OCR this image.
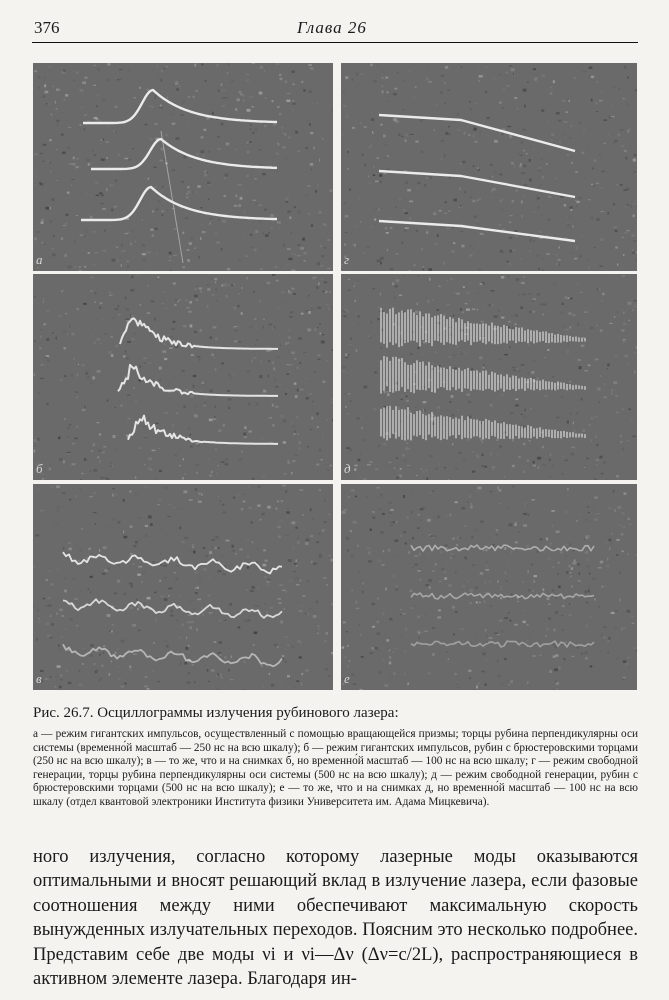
376	Глава 26
а	г
б	д
в	е
Рис. 26.7. Осциллограммы излучения рубинового лазера:

а — режим гигантских импульсов, осуществленный с помощью вращающейся призмы; торцы рубина перпендикулярны оси системы (временно́й масштаб — 250 нс на всю шкалу); б — режим гигантских импульсов, рубин с брюстеровскими торцами (250 нс на всю шкалу); в — то же, что и на снимках б, но временно́й масштаб — 100 нс на всю шкалу; г — режим свободной генерации, торцы рубина перпендикулярны оси системы (500 нс на всю шкалу); д — режим свободной генерации, рубин с брюстеровскими торцами (500 нс на всю шкалу); е — то же, что и на снимках д, но временно́й масштаб — 100 нс на всю шкалу (отдел квантовой электроники Института физики Университета им. Адама Мицкевича).

ного излучения, согласно которому лазерные моды оказываются оптимальными и вносят решающий вклад в излучение лазера, если фазовые соотношения между ними обеспечивают максимальную скорость вынужденных излучательных переходов. Поясним это несколько подробнее. Представим себе две моды νi и νi—Δν (Δν=c/2L), распространяющиеся в активном элементе лазера. Благодаря ин-
